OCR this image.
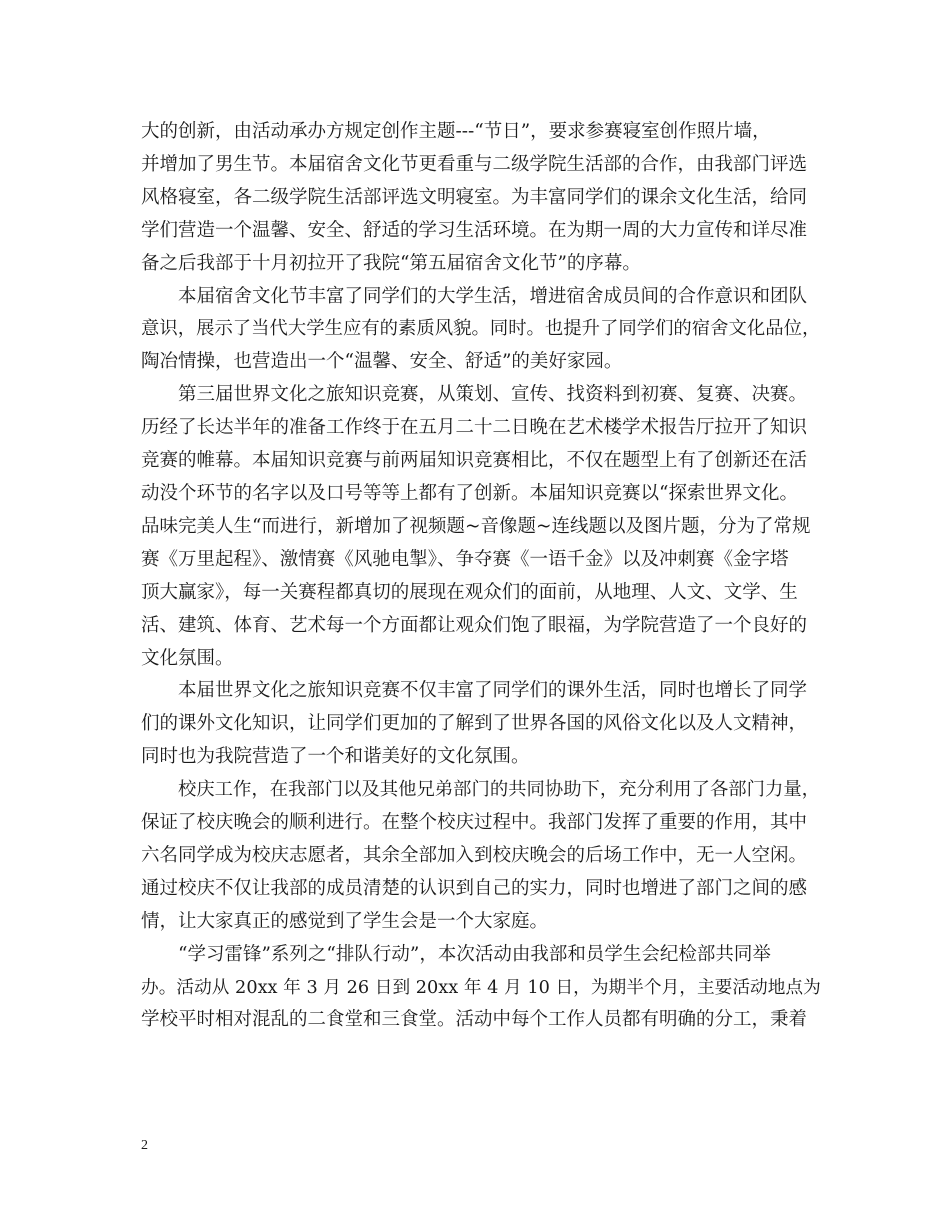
大的创新，由活动承办方规定创作主题---“节日”，要求参赛寝室创作照片墙，

并增加了男生节。本届宿舍文化节更看重与二级学院生活部的合作，由我部门评选

风格寝室，各二级学院生活部评选文明寝室。为丰富同学们的课余文化生活，给同

学们营造一个温馨、安全、舒适的学习生活环境。在为期一周的大力宣传和详尽准

备之后我部于十月初拉开了我院“第五届宿舍文化节”的序幕。

本届宿舍文化节丰富了同学们的大学生活，增进宿舍成员间的合作意识和团队

意识，展示了当代大学生应有的素质风貌。同时。也提升了同学们的宿舍文化品位，

陶冶情操，也营造出一个“温馨、安全、舒适”的美好家园。

第三届世界文化之旅知识竞赛，从策划、宣传、找资料到初赛、复赛、决赛。

历经了长达半年的准备工作终于在五月二十二日晚在艺术楼学术报告厅拉开了知识

竞赛的帷幕。本届知识竞赛与前两届知识竞赛相比，不仅在题型上有了创新还在活

动没个环节的名字以及口号等等上都有了创新。本届知识竞赛以“探索世界文化。

品味完美人生“而进行，新增加了视频题~音像题~连线题以及图片题，分为了常规

赛《万里起程》、激情赛《风驰电掣》、争夺赛《一语千金》以及冲刺赛《金字塔

顶大赢家》，每一关赛程都真切的展现在观众们的面前，从地理、人文、文学、生

活、建筑、体育、艺术每一个方面都让观众们饱了眼福，为学院营造了一个良好的

文化氛围。

本届世界文化之旅知识竞赛不仅丰富了同学们的课外生活，同时也增长了同学

们的课外文化知识，让同学们更加的了解到了世界各国的风俗文化以及人文精神，

同时也为我院营造了一个和谐美好的文化氛围。

校庆工作，在我部门以及其他兄弟部门的共同协助下，充分利用了各部门力量，

保证了校庆晚会的顺利进行。在整个校庆过程中。我部门发挥了重要的作用，其中

六名同学成为校庆志愿者，其余全部加入到校庆晚会的后场工作中，无一人空闲。

通过校庆不仅让我部的成员清楚的认识到自己的实力，同时也增进了部门之间的感

情，让大家真正的感觉到了学生会是一个大家庭。

“学习雷锋”系列之“排队行动”，本次活动由我部和员学生会纪检部共同举

办。活动从 20xx 年 3 月 26 日到 20xx 年 4 月 10 日，为期半个月，主要活动地点为

学校平时相对混乱的二食堂和三食堂。活动中每个工作人员都有明确的分工，秉着

2
